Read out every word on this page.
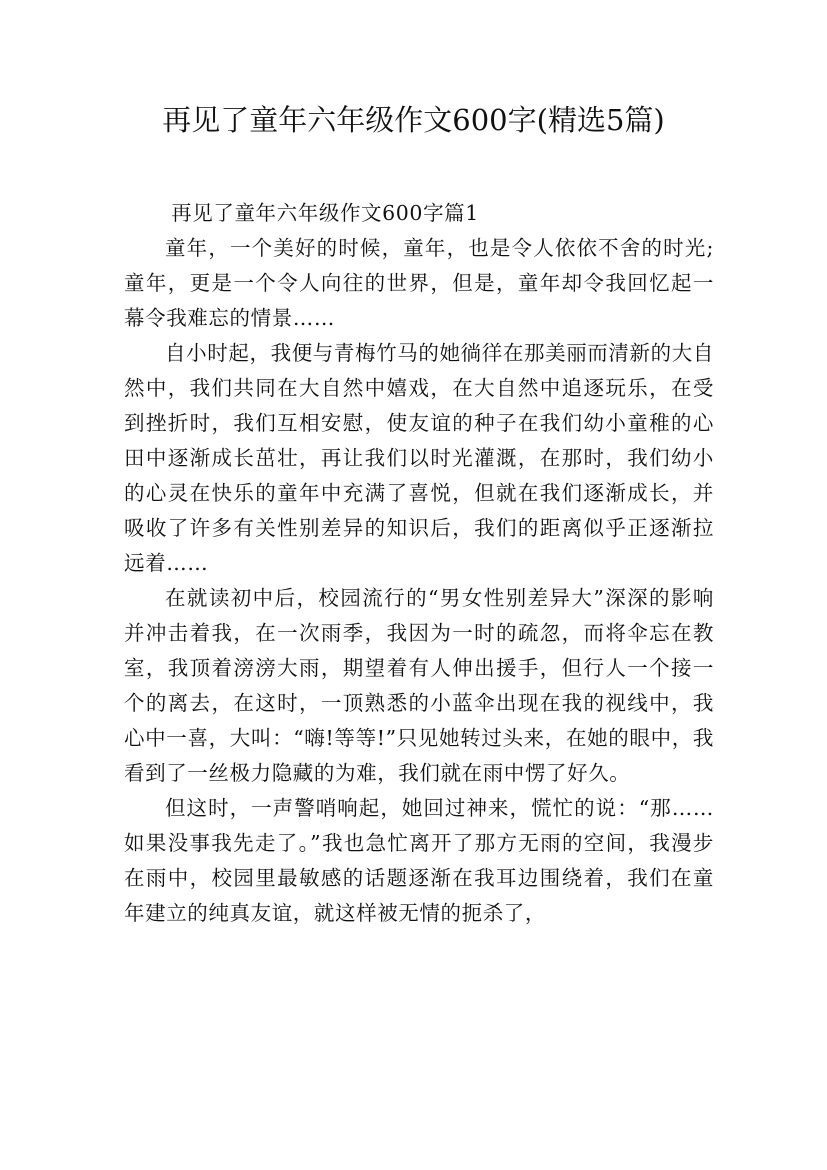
再见了童年六年级作文600字(精选5篇)

再见了童年六年级作文600字篇1

童年，一个美好的时候，童年，也是令人依依不舍的时光;童年，更是一个令人向往的世界，但是，童年却令我回忆起一幕令我难忘的情景……

自小时起，我便与青梅竹马的她徜徉在那美丽而清新的大自然中，我们共同在大自然中嬉戏，在大自然中追逐玩乐，在受到挫折时，我们互相安慰，使友谊的种子在我们幼小童稚的心田中逐渐成长茁壮，再让我们以时光灌溉，在那时，我们幼小的心灵在快乐的童年中充满了喜悦，但就在我们逐渐成长，并吸收了许多有关性别差异的知识后，我们的距离似乎正逐渐拉远着……

在就读初中后，校园流行的“男女性别差异大”深深的影响并冲击着我，在一次雨季，我因为一时的疏忽，而将伞忘在教室，我顶着滂滂大雨，期望着有人伸出援手，但行人一个接一个的离去，在这时，一顶熟悉的小蓝伞出现在我的视线中，我心中一喜，大叫：“嗨!等等!”只见她转过头来，在她的眼中，我看到了一丝极力隐藏的为难，我们就在雨中愣了好久。

但这时，一声警哨响起，她回过神来，慌忙的说：“那……如果没事我先走了。”我也急忙离开了那方无雨的空间，我漫步在雨中，校园里最敏感的话题逐渐在我耳边围绕着，我们在童年建立的纯真友谊，就这样被无情的扼杀了，
